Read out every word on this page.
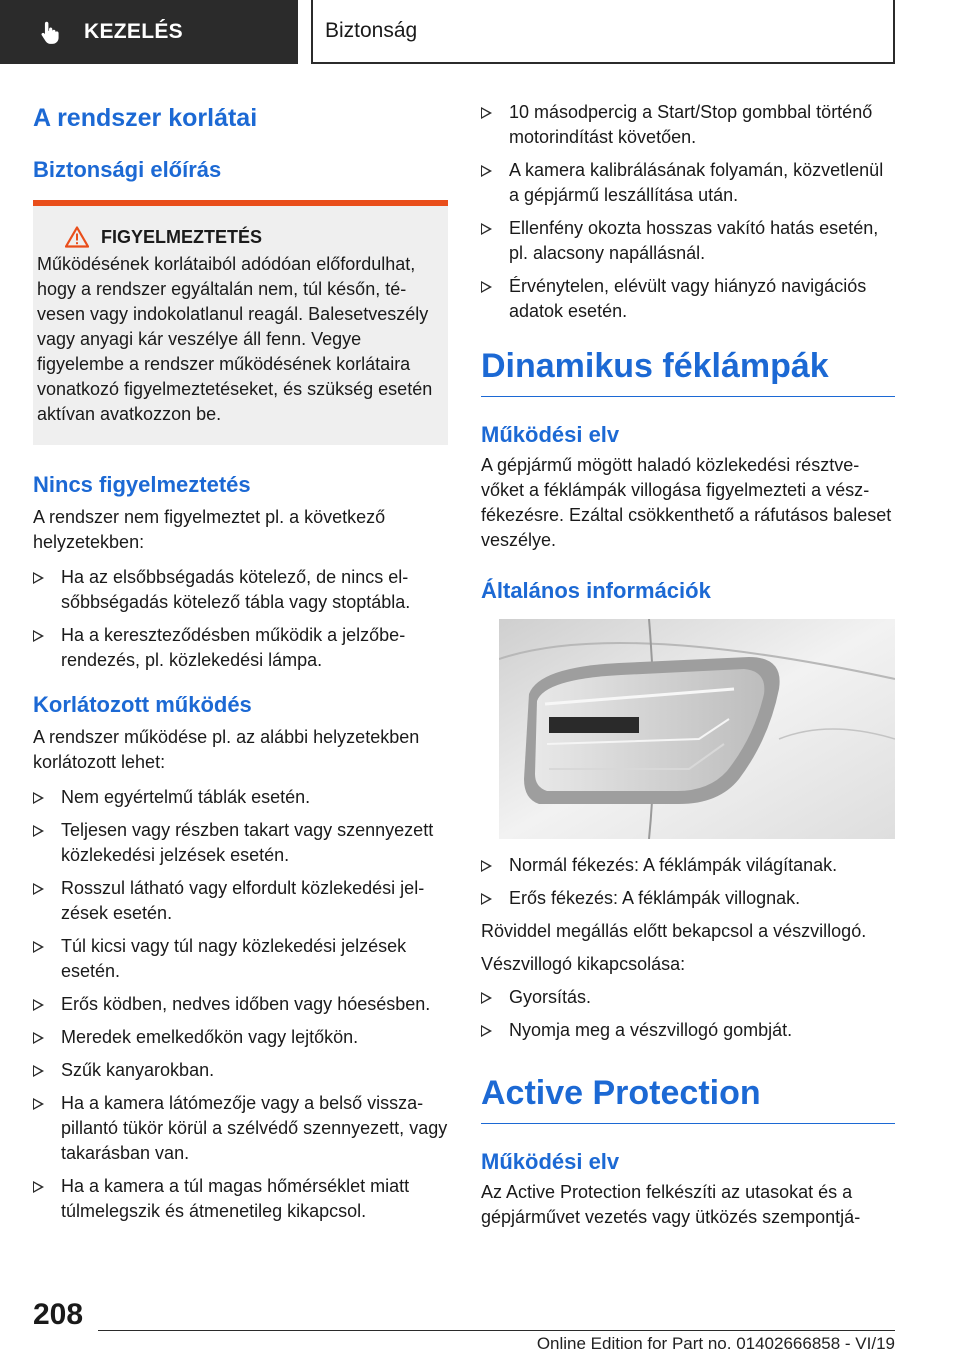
KEZELÉS	Biztonság
A rendszer korlátai
Biztonsági előírás
FIGYELMEZTETÉS

Működésének korlátaiból adódóan előfordulhat, hogy a rendszer egyáltalán nem, túl későn, tévesen vagy indokolatlanul reagál. Balesetveszély vagy anyagi kár veszélye áll fenn. Vegye figyelembe a rendszer működésének korlátaira vonatkozó figyelmeztetéseket, és szükség esetén aktívan avatkozzon be.

Nincs figyelmeztetés

A rendszer nem figyelmeztet pl. a következő helyzetekben:

Ha az elsőbbségadás kötelező, de nincs elsőbbségadás kötelező tábla vagy stoptábla.
Ha a kereszteződésben működik a jelzőberendezés, pl. közlekedési lámpa.
Korlátozott működés

A rendszer működése pl. az alábbi helyzetekben korlátozott lehet:

Nem egyértelmű táblák esetén.
Teljesen vagy részben takart vagy szennyezett közlekedési jelzések esetén.
Rosszul látható vagy elfordult közlekedési jelzések esetén.
Túl kicsi vagy túl nagy közlekedési jelzések esetén.
Erős ködben, nedves időben vagy hóesésben.
Meredek emelkedőkön vagy lejtőkön.
Szűk kanyarokban.
Ha a kamera látómezője vagy a belső visszapillantó tükör körül a szélvédő szennyezett, vagy takarásban van.
Ha a kamera a túl magas hőmérséklet miatt túlmelegszik és átmenetileg kikapcsol.
10 másodpercig a Start/Stop gombbal történő motorindítást követően.
A kamera kalibrálásának folyamán, közvetlenül a gépjármű leszállítása után.
Ellenfény okozta hosszas vakító hatás esetén, pl. alacsony napállásnál.
Érvénytelen, elévült vagy hiányzó navigációs adatok esetén.
Dinamikus féklámpák
Működési elv

A gépjármű mögött haladó közlekedési résztvevőket a féklámpák villogása figyelmezteti a vészfékezésre. Ezáltal csökkenthető a ráfutásos baleset veszélye.

Általános információk
Normál fékezés: A féklámpák világítanak.
Erős fékezés: A féklámpák villognak.

Röviddel megállás előtt bekapcsol a vészvillogó.

Vészvillogó kikapcsolása:

Gyorsítás.
Nyomja meg a vészvillogó gombját.
Active Protection
Működési elv

Az Active Protection felkészíti az utasokat és a gépjárművet vezetés vagy ütközés szempontjá-

208
Online Edition for Part no. 01402666858 - VI/19
